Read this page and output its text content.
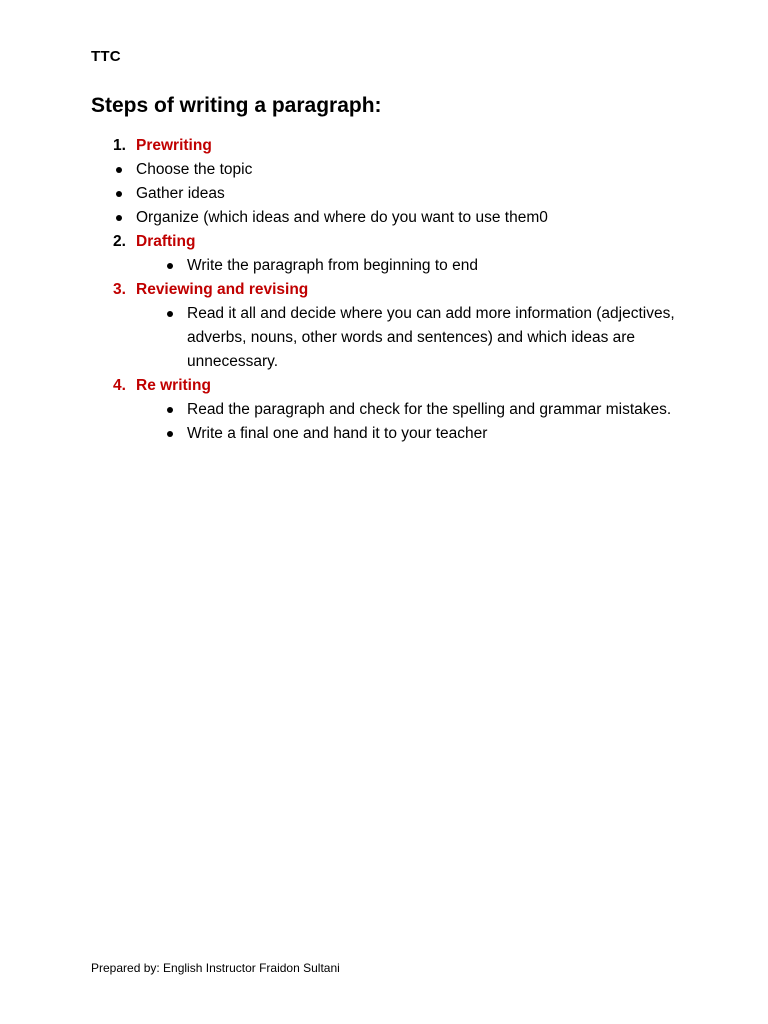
TTC
Steps of writing a paragraph:
1. Prewriting
Choose the topic
Gather ideas
Organize (which ideas and where do you want to use them0
2. Drafting
Write the paragraph from beginning to end
3. Reviewing and revising
Read it all and decide where you can add more information (adjectives, adverbs, nouns, other words and sentences) and which ideas are unnecessary.
4. Re writing
Read the paragraph and check for the spelling and grammar mistakes.
Write a final one and hand it to your teacher
Prepared by: English Instructor Fraidon Sultani
